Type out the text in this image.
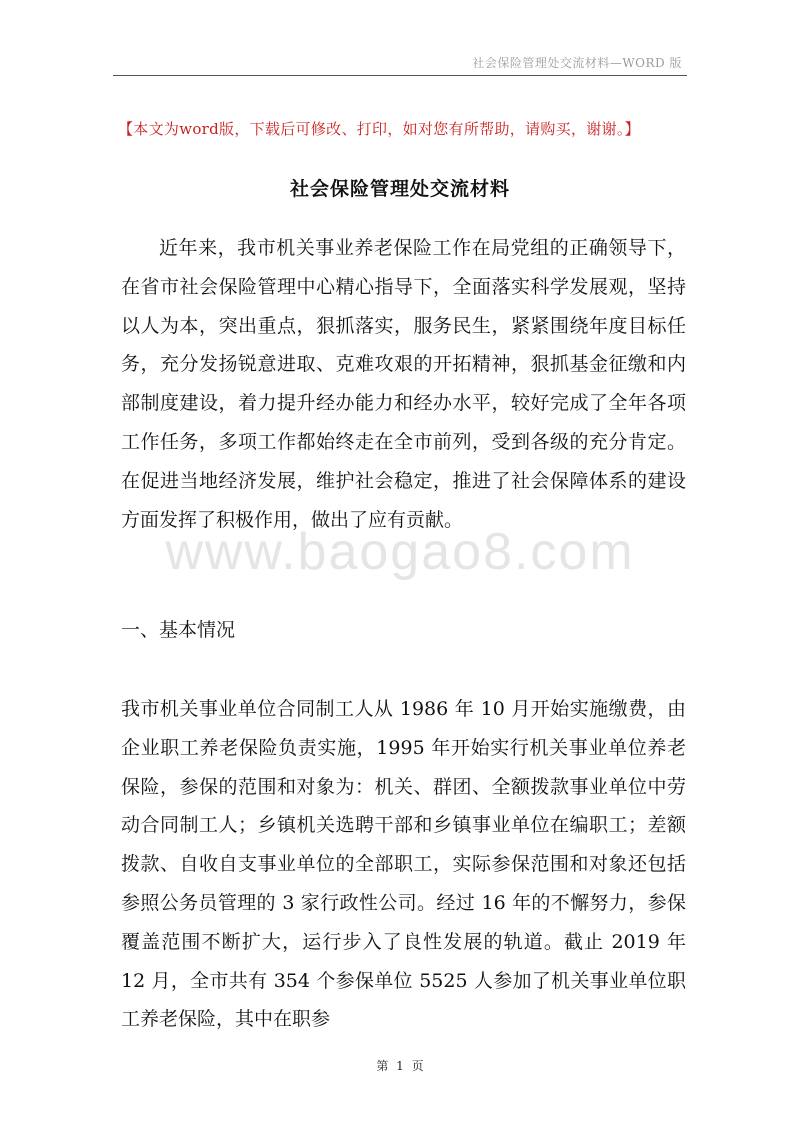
社会保险管理处交流材料—WORD 版
【本文为word版，下载后可修改、打印，如对您有所帮助，请购买，谢谢。】
社会保险管理处交流材料

近年来，我市机关事业养老保险工作在局党组的正确领导下，在省市社会保险管理中心精心指导下，全面落实科学发展观，坚持以人为本，突出重点，狠抓落实，服务民生，紧紧围绕年度目标任务，充分发扬锐意进取、克难攻艰的开拓精神，狠抓基金征缴和内部制度建设，着力提升经办能力和经办水平，较好完成了全年各项工作任务，多项工作都始终走在全市前列，受到各级的充分肯定。在促进当地经济发展，维护社会稳定，推进了社会保障体系的建设方面发挥了积极作用，做出了应有贡献。

www.baogao8.com

一、基本情况

我市机关事业单位合同制工人从 1986 年 10 月开始实施缴费，由企业职工养老保险负责实施，1995 年开始实行机关事业单位养老保险，参保的范围和对象为：机关、群团、全额拨款事业单位中劳动合同制工人；乡镇机关选聘干部和乡镇事业单位在编职工；差额拨款、自收自支事业单位的全部职工，实际参保范围和对象还包括参照公务员管理的 3 家行政性公司。经过 16 年的不懈努力，参保覆盖范围不断扩大，运行步入了良性发展的轨道。截止 2019 年 12 月，全市共有 354 个参保单位 5525 人参加了机关事业单位职工养老保险，其中在职参

第 1 页
